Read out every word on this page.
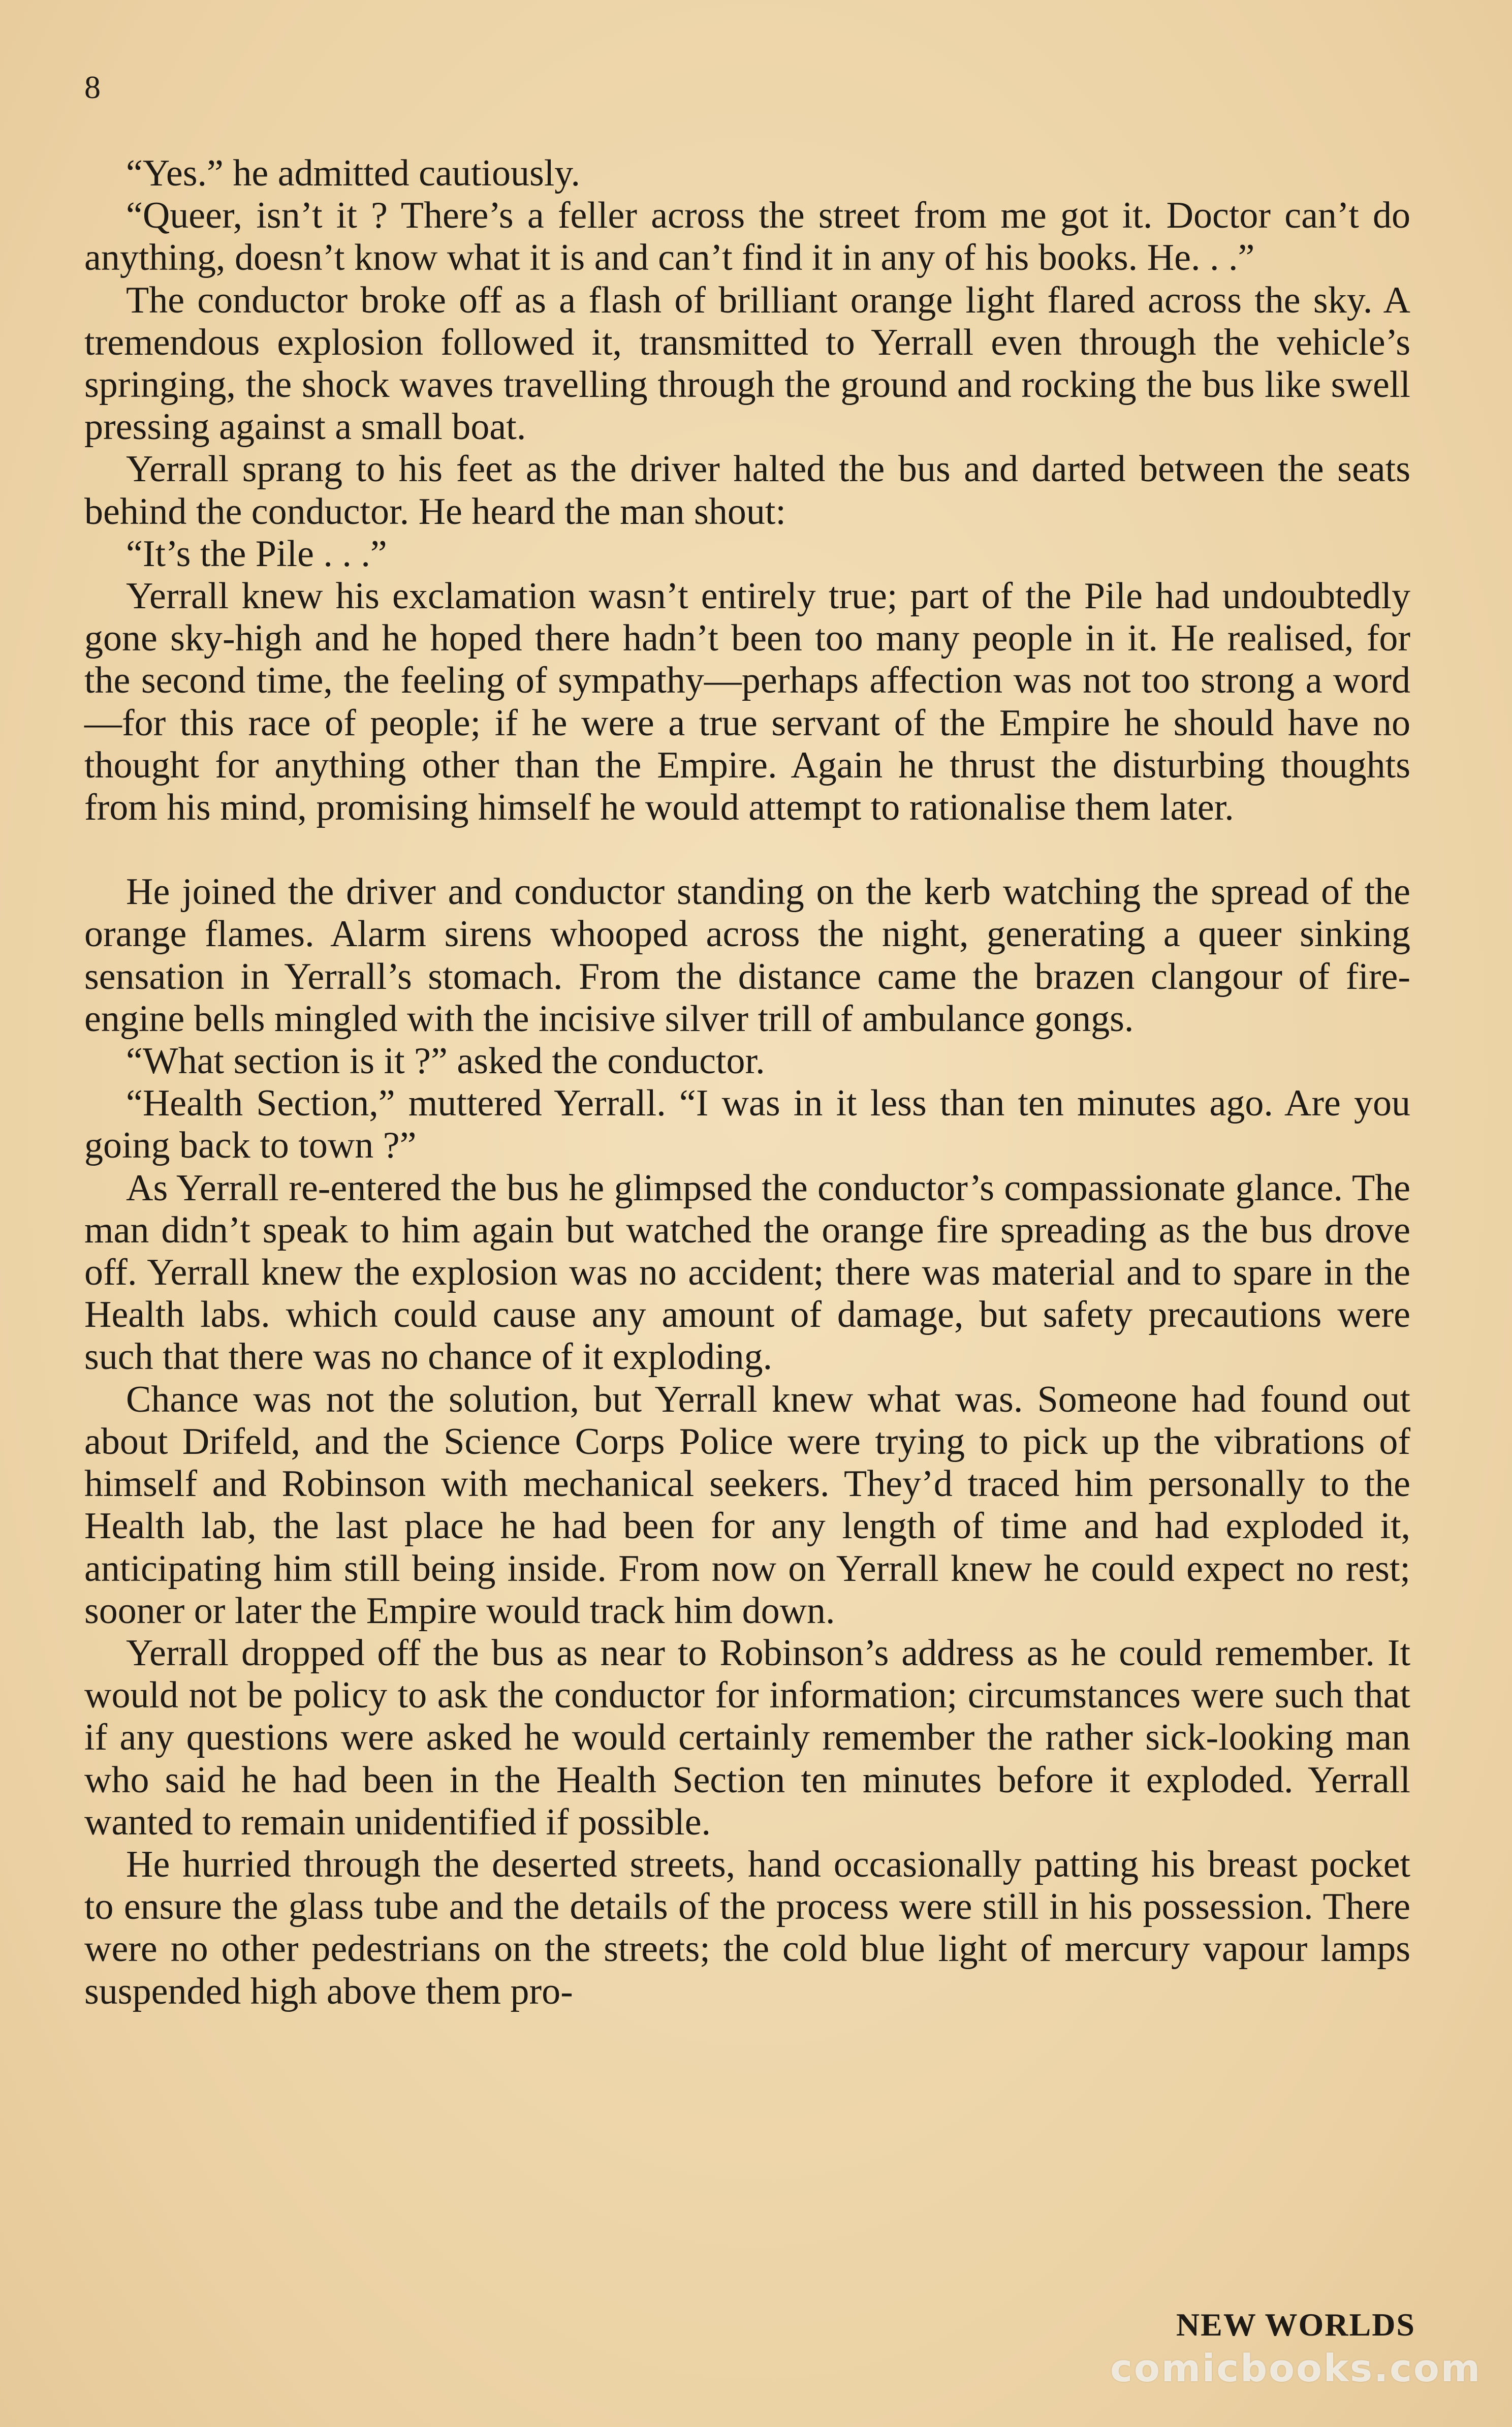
8

“Yes.” he admitted cautiously.

“Queer, isn’t it ? There’s a feller across the street from me got it. Doctor can’t do anything, doesn’t know what it is and can’t find it in any of his books. He. . .”

The conductor broke off as a flash of brilliant orange light flared across the sky. A tremendous explosion followed it, transmitted to Yerrall even through the vehicle’s springing, the shock waves travelling through the ground and rocking the bus like swell pressing against a small boat.

Yerrall sprang to his feet as the driver halted the bus and darted between the seats behind the conductor. He heard the man shout:

“It’s the Pile . . .”

Yerrall knew his exclamation wasn’t entirely true; part of the Pile had undoubtedly gone sky-high and he hoped there hadn’t been too many people in it. He realised, for the second time, the feeling of sympathy—perhaps affection was not too strong a word—for this race of people; if he were a true servant of the Empire he should have no thought for anything other than the Empire. Again he thrust the disturbing thoughts from his mind, promising himself he would attempt to rationalise them later.

He joined the driver and conductor standing on the kerb watching the spread of the orange flames. Alarm sirens whooped across the night, generating a queer sinking sensation in Yerrall’s stomach. From the distance came the brazen clangour of fire-engine bells mingled with the incisive silver trill of ambulance gongs.

“What section is it ?” asked the conductor.

“Health Section,” muttered Yerrall. “I was in it less than ten minutes ago. Are you going back to town ?”

As Yerrall re-entered the bus he glimpsed the conductor’s compassionate glance. The man didn’t speak to him again but watched the orange fire spreading as the bus drove off. Yerrall knew the explosion was no accident; there was material and to spare in the Health labs. which could cause any amount of damage, but safety precautions were such that there was no chance of it exploding.

Chance was not the solution, but Yerrall knew what was. Someone had found out about Drifeld, and the Science Corps Police were trying to pick up the vibrations of himself and Robinson with mechanical seekers. They’d traced him personally to the Health lab, the last place he had been for any length of time and had exploded it, anticipating him still being inside. From now on Yerrall knew he could expect no rest; sooner or later the Empire would track him down.

Yerrall dropped off the bus as near to Robinson’s address as he could remember. It would not be policy to ask the conductor for information; circumstances were such that if any questions were asked he would certainly remember the rather sick-looking man who said he had been in the Health Section ten minutes before it exploded. Yerrall wanted to remain unidentified if possible.

He hurried through the deserted streets, hand occasionally patting his breast pocket to ensure the glass tube and the details of the process were still in his possession. There were no other pedestrians on the streets; the cold blue light of mercury vapour lamps suspended high above them pro-

NEW WORLDS
comicbooks.com
